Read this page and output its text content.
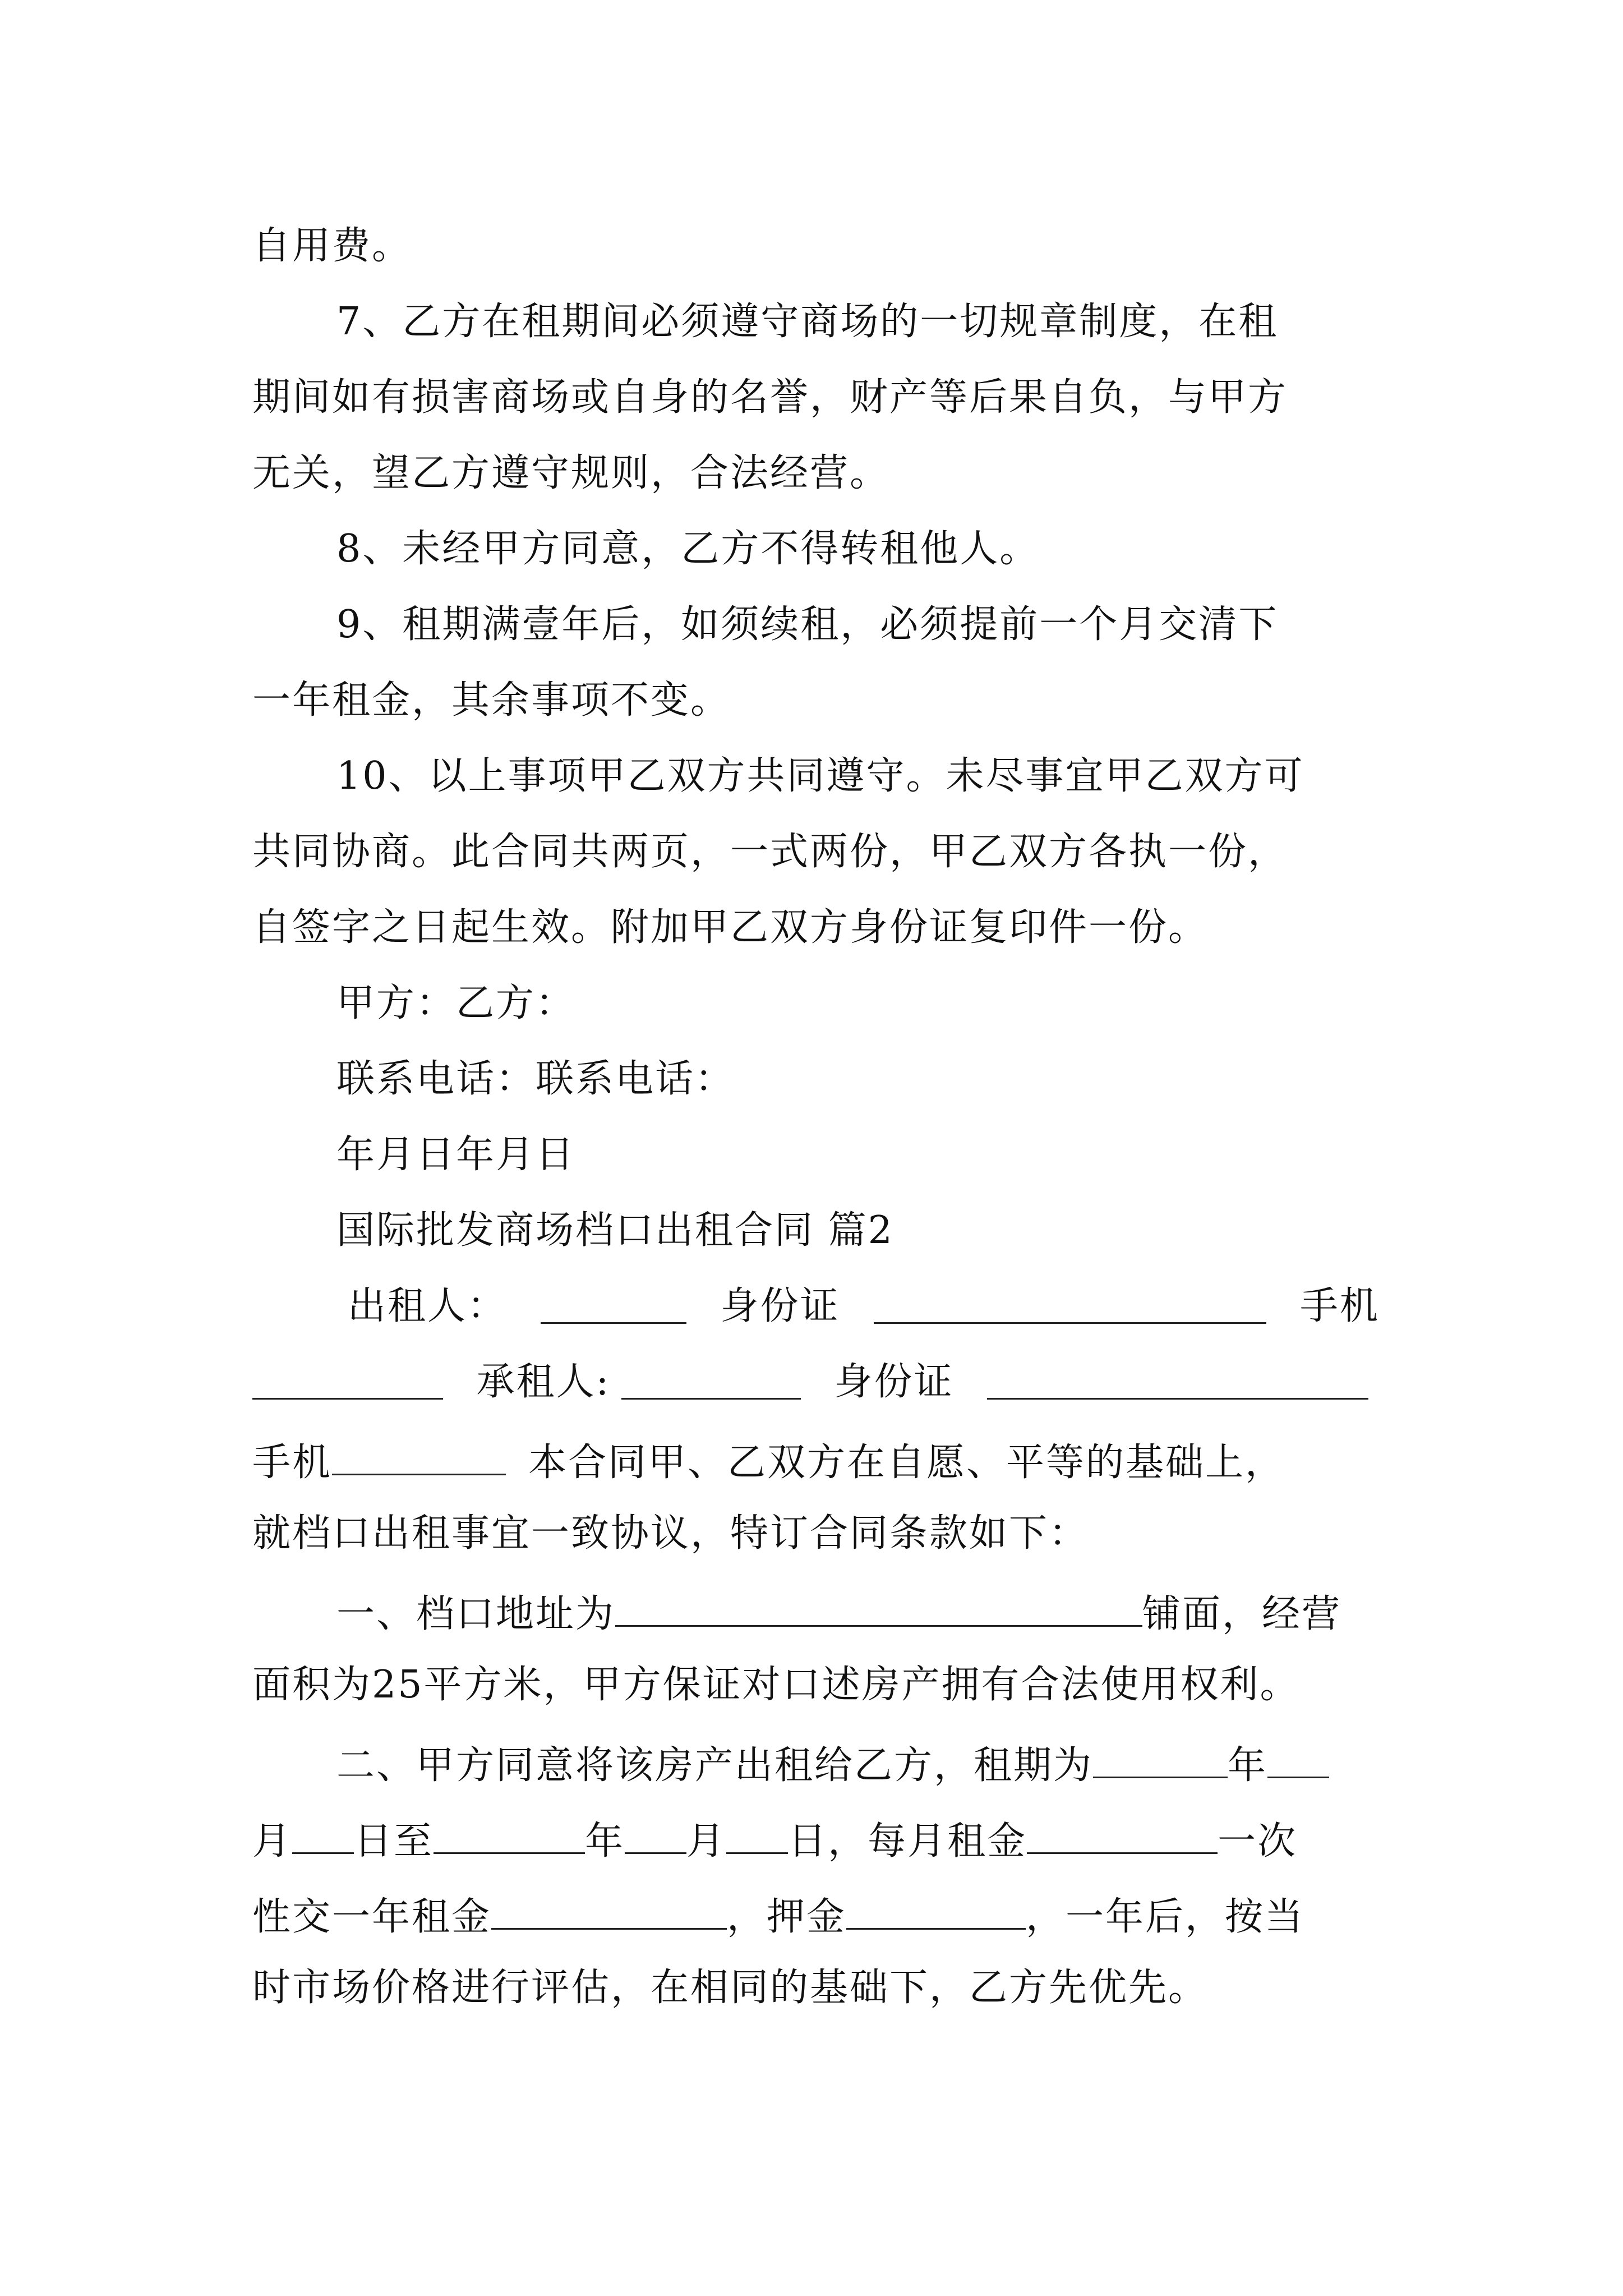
自用费。
7、乙方在租期间必须遵守商场的一切规章制度，在租
期间如有损害商场或自身的名誉，财产等后果自负，与甲方
无关，望乙方遵守规则，合法经营。
8、未经甲方同意，乙方不得转租他人。
9、租期满壹年后，如须续租，必须提前一个月交清下
一年租金，其余事项不变。
10、以上事项甲乙双方共同遵守。未尽事宜甲乙双方可
共同协商。此合同共两页，一式两份，甲乙双方各执一份，
自签字之日起生效。附加甲乙双方身份证复印件一份。
甲方：乙方：
联系电话：联系电话：
年月日年月日
国际批发商场档口出租合同 篇2
出租人：	身份证	手机
承租人:	身份证
手机	本合同甲、乙双方在自愿、平等的基础上，
就档口出租事宜一致协议，特订合同条款如下：
一、档口地址为	铺面，经营
面积为25平方米，甲方保证对口述房产拥有合法使用权利。
二、甲方同意将该房产出租给乙方，租期为	年
月 日至	年 月 日，每月租金	一次
性交一年租金	，押金	，一年后，按当
时市场价格进行评估，在相同的基础下，乙方先优先。
